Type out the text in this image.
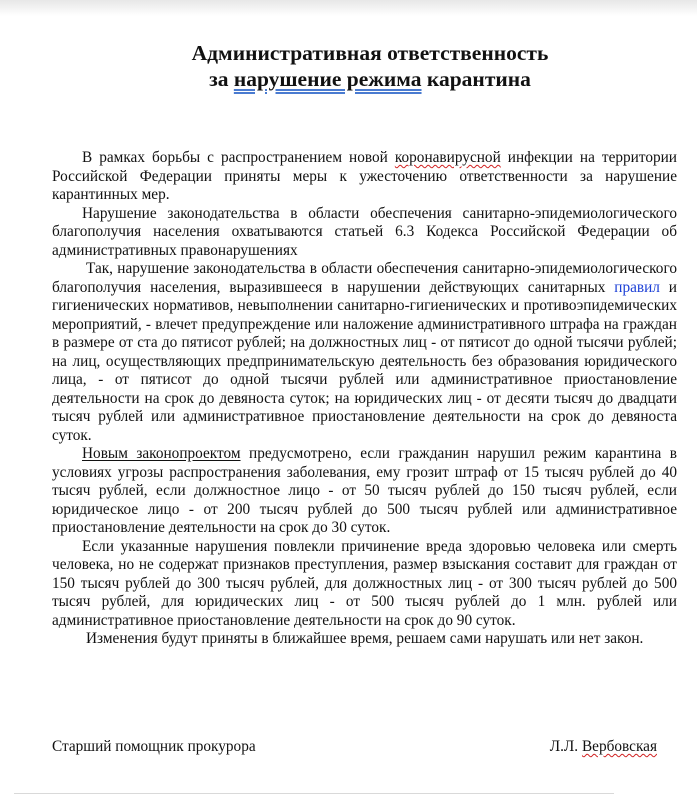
Административная ответственность
за нарушение режима карантина

В рамках борьбы с распространением новой коронавирусной инфекции на территории Российской Федерации приняты меры к ужесточению ответственности за нарушение карантинных мер.

Нарушение законодательства в области обеспечения санитарно-эпидемиологического благополучия населения охватываются статьей 6.3 Кодекса Российской Федерации об административных правонарушениях

Так, нарушение законодательства в области обеспечения санитарно-эпидемиологического благополучия населения, выразившееся в нарушении действующих санитарных правил и гигиенических нормативов, невыполнении санитарно-гигиенических и противоэпидемических мероприятий, - влечет предупреждение или наложение административного штрафа на граждан в размере от ста до пятисот рублей; на должностных лиц - от пятисот до одной тысячи рублей; на лиц, осуществляющих предпринимательскую деятельность без образования юридического лица, - от пятисот до одной тысячи рублей или административное приостановление деятельности на срок до девяноста суток; на юридических лиц - от десяти тысяч до двадцати тысяч рублей или административное приостановление деятельности на срок до девяноста суток.

Новым законопроектом предусмотрено, если гражданин нарушил режим карантина в условиях угрозы распространения заболевания, ему грозит штраф от 15 тысяч рублей до 40 тысяч рублей, если должностное лицо - от 50 тысяч рублей до 150 тысяч рублей, если юридическое лицо - от 200 тысяч рублей до 500 тысяч рублей или административное приостановление деятельности на срок до 30 суток.

Если указанные нарушения повлекли причинение вреда здоровью человека или смерть человека, но не содержат признаков преступления, размер взыскания составит для граждан от 150 тысяч рублей до 300 тысяч рублей, для должностных лиц - от 300 тысяч рублей до 500 тысяч рублей, для юридических лиц - от 500 тысяч рублей до 1 млн. рублей или административное приостановление деятельности на срок до 90 суток.

Изменения будут приняты в ближайшее время, решаем сами нарушать или нет закон.

Старший помощник прокурора	Л.Л. Вербовская
